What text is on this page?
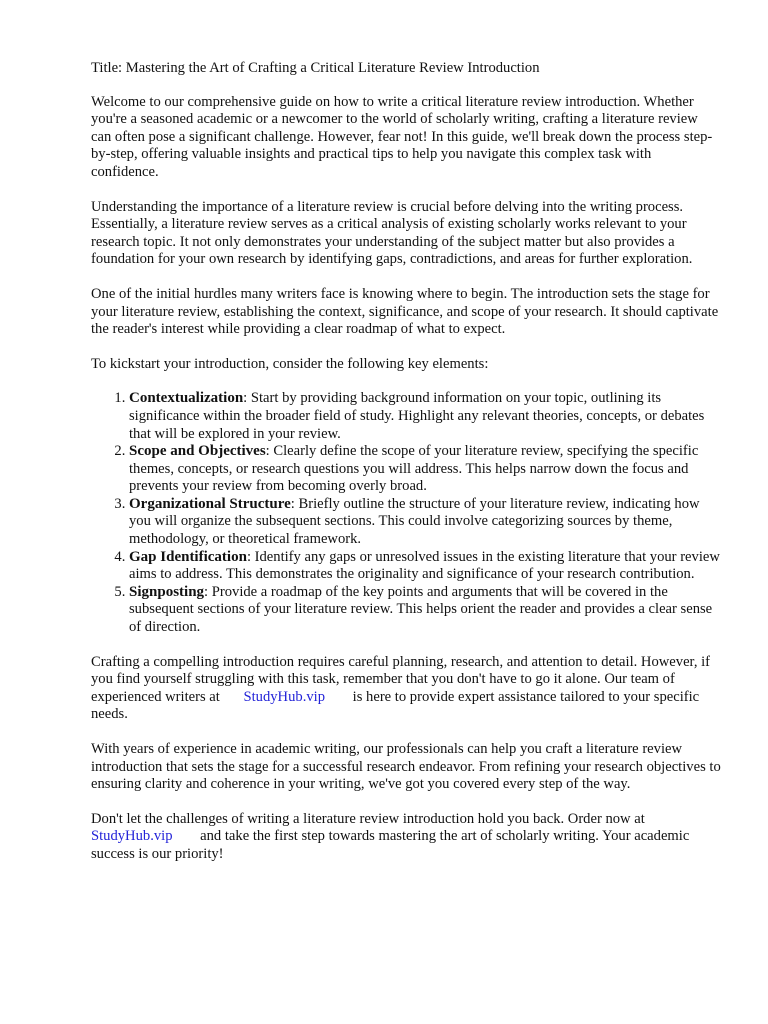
Title: Mastering the Art of Crafting a Critical Literature Review Introduction

Welcome to our comprehensive guide on how to write a critical literature review introduction. Whether you're a seasoned academic or a newcomer to the world of scholarly writing, crafting a literature review can often pose a significant challenge. However, fear not! In this guide, we'll break down the process step-by-step, offering valuable insights and practical tips to help you navigate this complex task with confidence.

Understanding the importance of a literature review is crucial before delving into the writing process. Essentially, a literature review serves as a critical analysis of existing scholarly works relevant to your research topic. It not only demonstrates your understanding of the subject matter but also provides a foundation for your own research by identifying gaps, contradictions, and areas for further exploration.

One of the initial hurdles many writers face is knowing where to begin. The introduction sets the stage for your literature review, establishing the context, significance, and scope of your research. It should captivate the reader's interest while providing a clear roadmap of what to expect.

To kickstart your introduction, consider the following key elements:

1. Contextualization: Start by providing background information on your topic, outlining its significance within the broader field of study. Highlight any relevant theories, concepts, or debates that will be explored in your review.
2. Scope and Objectives: Clearly define the scope of your literature review, specifying the specific themes, concepts, or research questions you will address. This helps narrow down the focus and prevents your review from becoming overly broad.
3. Organizational Structure: Briefly outline the structure of your literature review, indicating how you will organize the subsequent sections. This could involve categorizing sources by theme, methodology, or theoretical framework.
4. Gap Identification: Identify any gaps or unresolved issues in the existing literature that your review aims to address. This demonstrates the originality and significance of your research contribution.
5. Signposting: Provide a roadmap of the key points and arguments that will be covered in the subsequent sections of your literature review. This helps orient the reader and provides a clear sense of direction.

Crafting a compelling introduction requires careful planning, research, and attention to detail. However, if you find yourself struggling with this task, remember that you don't have to go it alone. Our team of experienced writers at StudyHub.vip is here to provide expert assistance tailored to your specific needs.

With years of experience in academic writing, our professionals can help you craft a literature review introduction that sets the stage for a successful research endeavor. From refining your research objectives to ensuring clarity and coherence in your writing, we've got you covered every step of the way.

Don't let the challenges of writing a literature review introduction hold you back. Order now at StudyHub.vip and take the first step towards mastering the art of scholarly writing. Your academic success is our priority!
